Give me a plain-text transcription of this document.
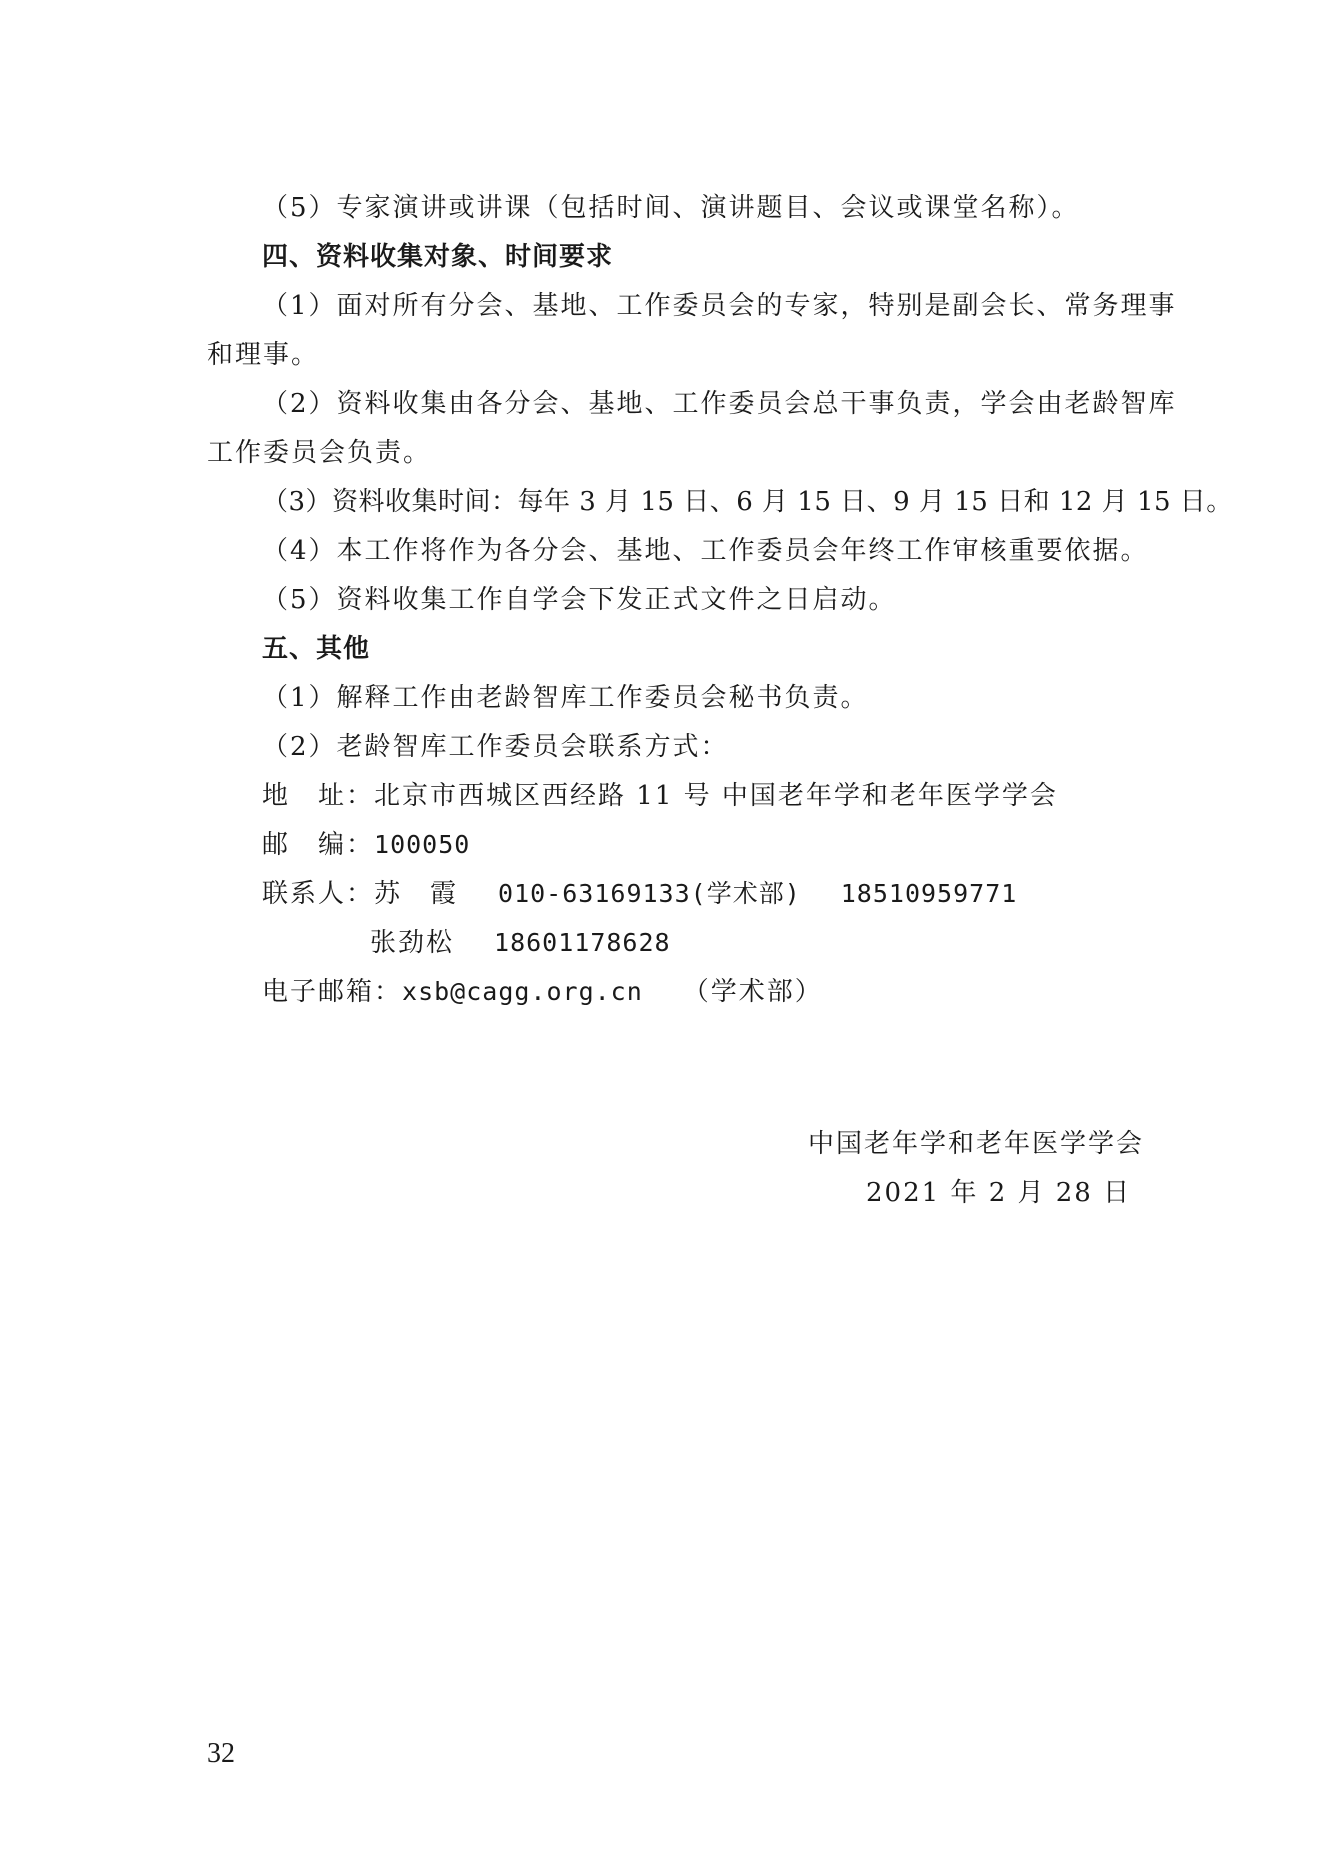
（5）专家演讲或讲课（包括时间、演讲题目、会议或课堂名称）。
四、资料收集对象、时间要求
（1）面对所有分会、基地、工作委员会的专家，特别是副会长、常务理事
和理事。
（2）资料收集由各分会、基地、工作委员会总干事负责，学会由老龄智库
工作委员会负责。
（3）资料收集时间：每年 3 月 15 日、6 月 15 日、9 月 15 日和 12 月 15 日。
（4）本工作将作为各分会、基地、工作委员会年终工作审核重要依据。
（5）资料收集工作自学会下发正式文件之日启动。
五、其他
（1）解释工作由老龄智库工作委员会秘书负责。
（2）老龄智库工作委员会联系方式：
地　址：北京市西城区西经路 11 号 中国老年学和老年医学学会
邮　编：100050
联系人：苏　霞 010-63169133(学术部) 18510959771
张劲松 18601178628
电子邮箱：xsb@cagg.org.cn （学术部）
中国老年学和老年医学学会
2021 年 2 月 28 日
32
